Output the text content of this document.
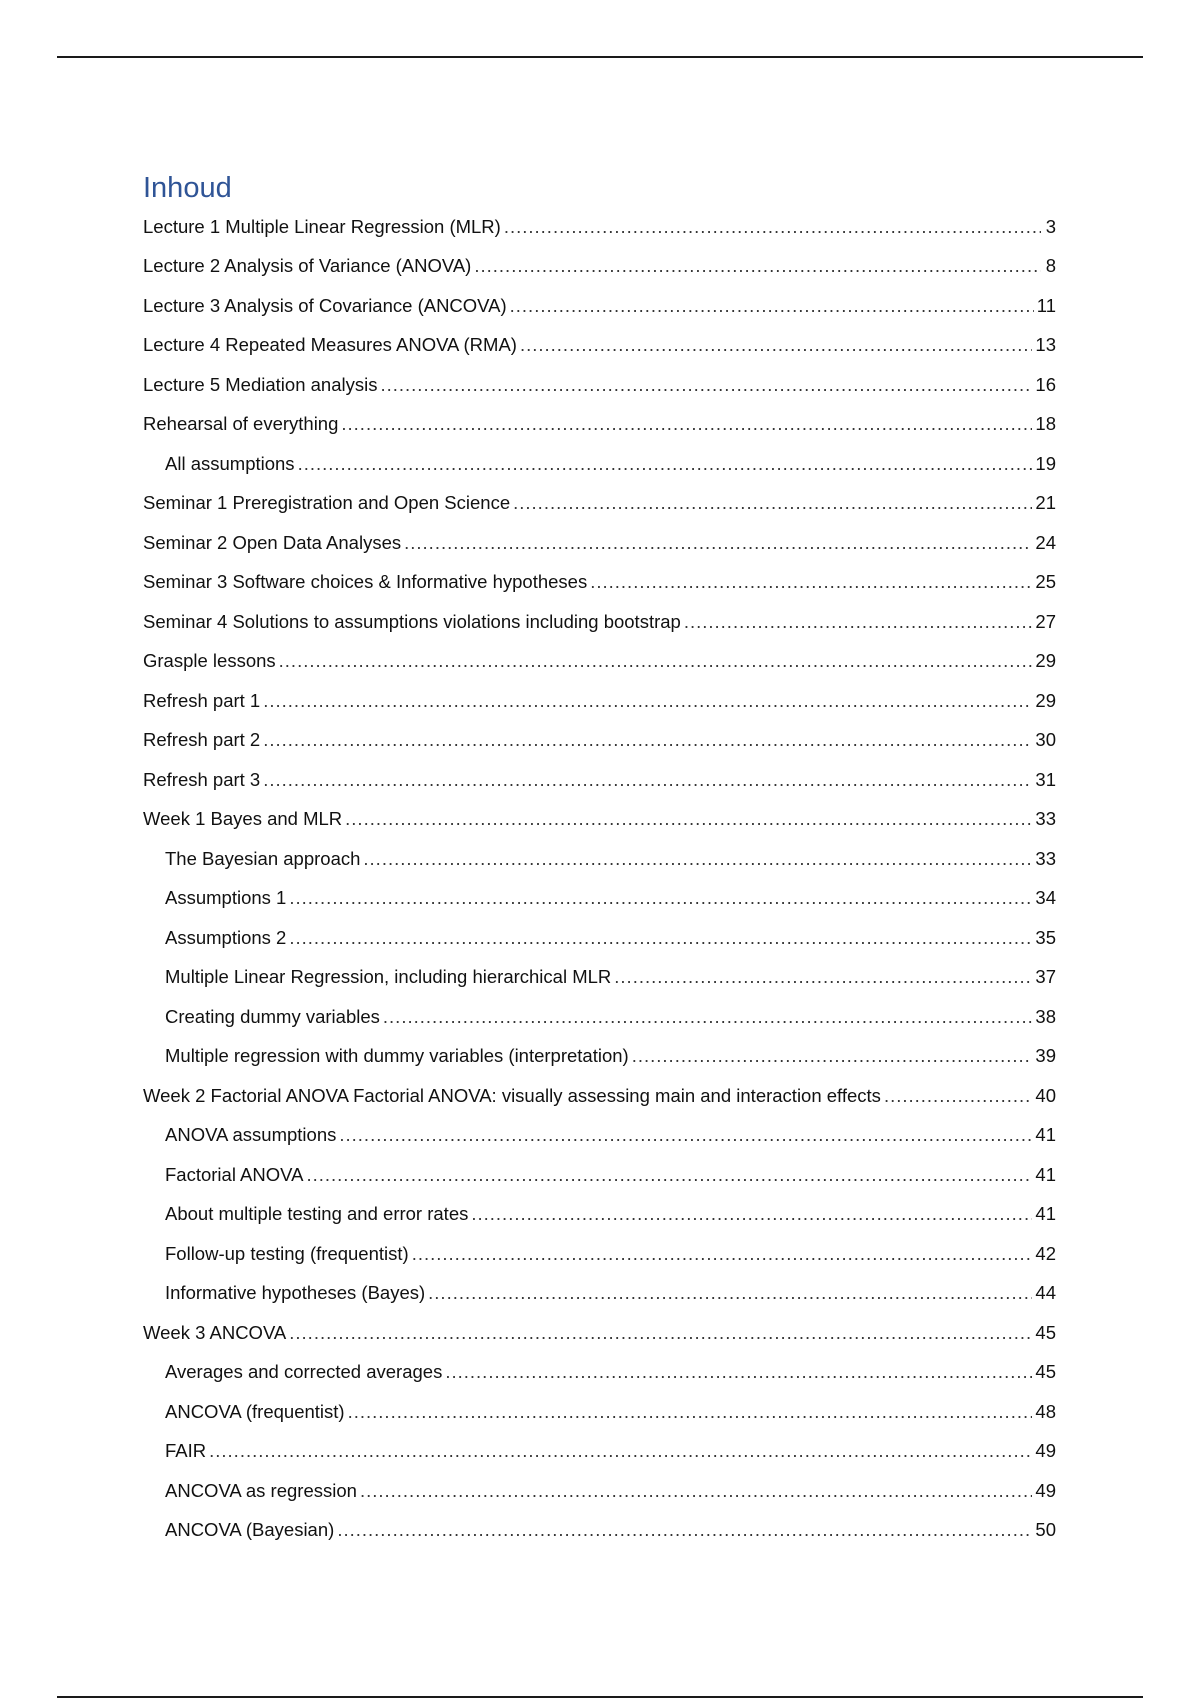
Inhoud
Lecture 1 Multiple Linear Regression (MLR) .....	3
Lecture 2 Analysis of Variance (ANOVA) .....	8
Lecture 3 Analysis of Covariance (ANCOVA) .....	11
Lecture 4 Repeated Measures ANOVA (RMA) .....	13
Lecture 5 Mediation analysis .....	16
Rehearsal of everything .....	18
All assumptions .....	19
Seminar 1 Preregistration and Open Science .....	21
Seminar 2 Open Data Analyses .....	24
Seminar 3 Software choices & Informative hypotheses .....	25
Seminar 4 Solutions to assumptions violations including bootstrap .....	27
Grasple lessons .....	29
Refresh part 1 .....	29
Refresh part 2 .....	30
Refresh part 3 .....	31
Week 1 Bayes and MLR .....	33
The Bayesian approach .....	33
Assumptions 1 .....	34
Assumptions 2 .....	35
Multiple Linear Regression, including hierarchical MLR .....	37
Creating dummy variables .....	38
Multiple regression with dummy variables (interpretation) .....	39
Week 2 Factorial ANOVA Factorial ANOVA: visually assessing main and interaction effects .....	40
ANOVA assumptions .....	41
Factorial ANOVA .....	41
About multiple testing and error rates .....	41
Follow-up testing (frequentist) .....	42
Informative hypotheses (Bayes) .....	44
Week 3 ANCOVA .....	45
Averages and corrected averages .....	45
ANCOVA (frequentist) .....	48
FAIR .....	49
ANCOVA as regression .....	49
ANCOVA (Bayesian) .....	50
